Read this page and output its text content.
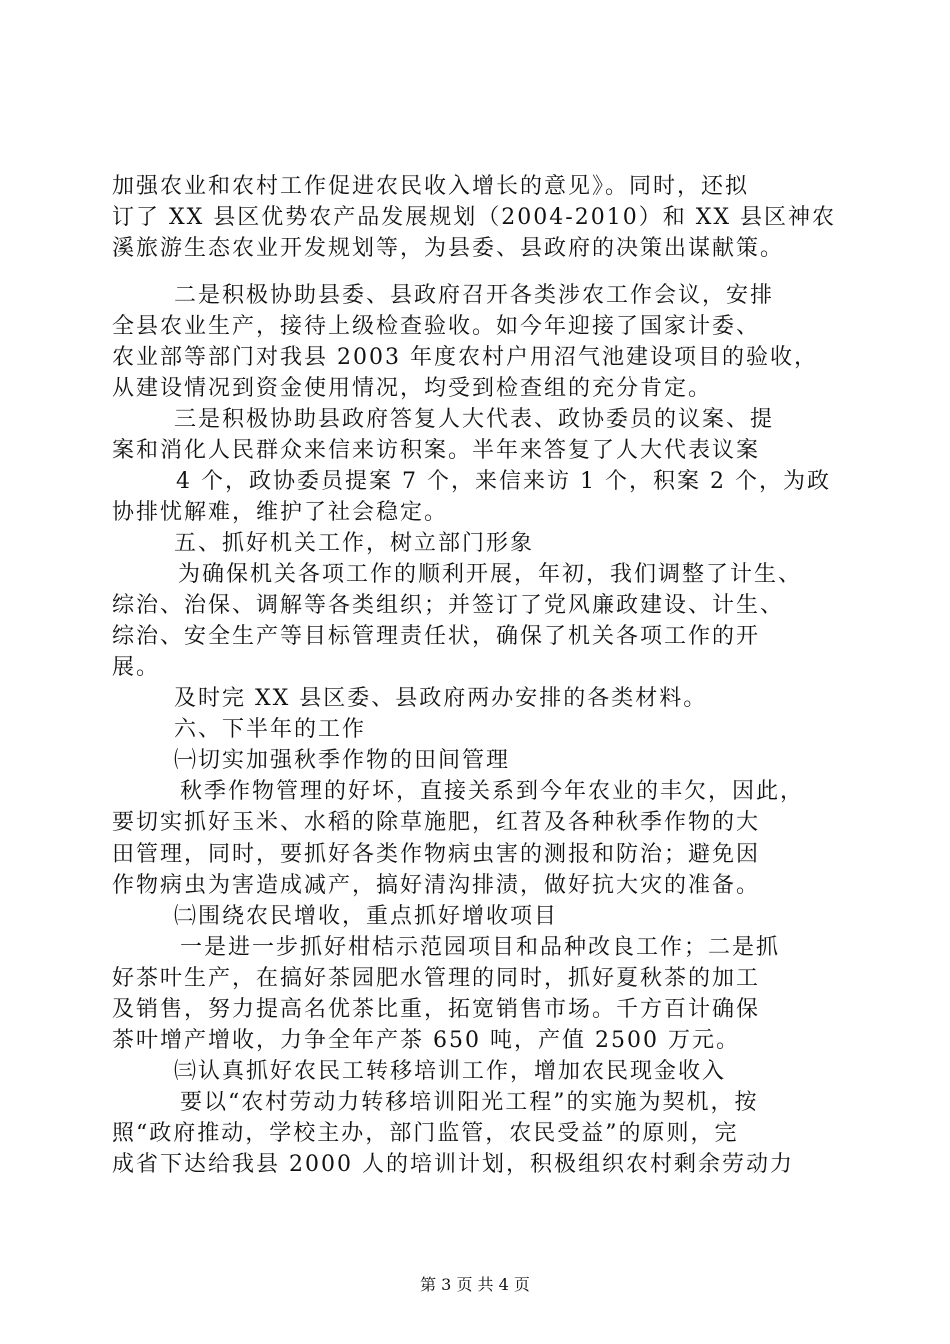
加强农业和农村工作促进农民收入增长的意见》。同时，还拟
订了 XX 县区优势农产品发展规划（2004-2010）和 XX 县区神农
溪旅游生态农业开发规划等，为县委、县政府的决策出谋献策。
二是积极协助县委、县政府召开各类涉农工作会议，安排
全县农业生产，接待上级检查验收。如今年迎接了国家计委、
农业部等部门对我县 2003 年度农村户用沼气池建设项目的验收，
从建设情况到资金使用情况，均受到检查组的充分肯定。
三是积极协助县政府答复人大代表、政协委员的议案、提
案和消化人民群众来信来访积案。半年来答复了人大代表议案
4 个，政协委员提案 7 个，来信来访 1 个，积案 2 个，为政
协排忧解难，维护了社会稳定。
五、抓好机关工作，树立部门形象
为确保机关各项工作的顺利开展，年初，我们调整了计生、
综治、治保、调解等各类组织；并签订了党风廉政建设、计生、
综治、安全生产等目标管理责任状，确保了机关各项工作的开
展。
及时完 XX 县区委、县政府两办安排的各类材料。
六、下半年的工作
㈠切实加强秋季作物的田间管理
秋季作物管理的好坏，直接关系到今年农业的丰欠，因此，
要切实抓好玉米、水稻的除草施肥，红苕及各种秋季作物的大
田管理，同时，要抓好各类作物病虫害的测报和防治；避免因
作物病虫为害造成减产，搞好清沟排渍，做好抗大灾的准备。
㈡围绕农民增收，重点抓好增收项目
一是进一步抓好柑桔示范园项目和品种改良工作；二是抓
好茶叶生产，在搞好茶园肥水管理的同时，抓好夏秋茶的加工
及销售，努力提高名优茶比重，拓宽销售市场。千方百计确保
茶叶增产增收，力争全年产茶 650 吨，产值 2500 万元。
㈢认真抓好农民工转移培训工作，增加农民现金收入
要以“农村劳动力转移培训阳光工程”的实施为契机，按
照“政府推动，学校主办，部门监管，农民受益”的原则，完
成省下达给我县 2000 人的培训计划，积极组织农村剩余劳动力
第 3 页 共 4 页
